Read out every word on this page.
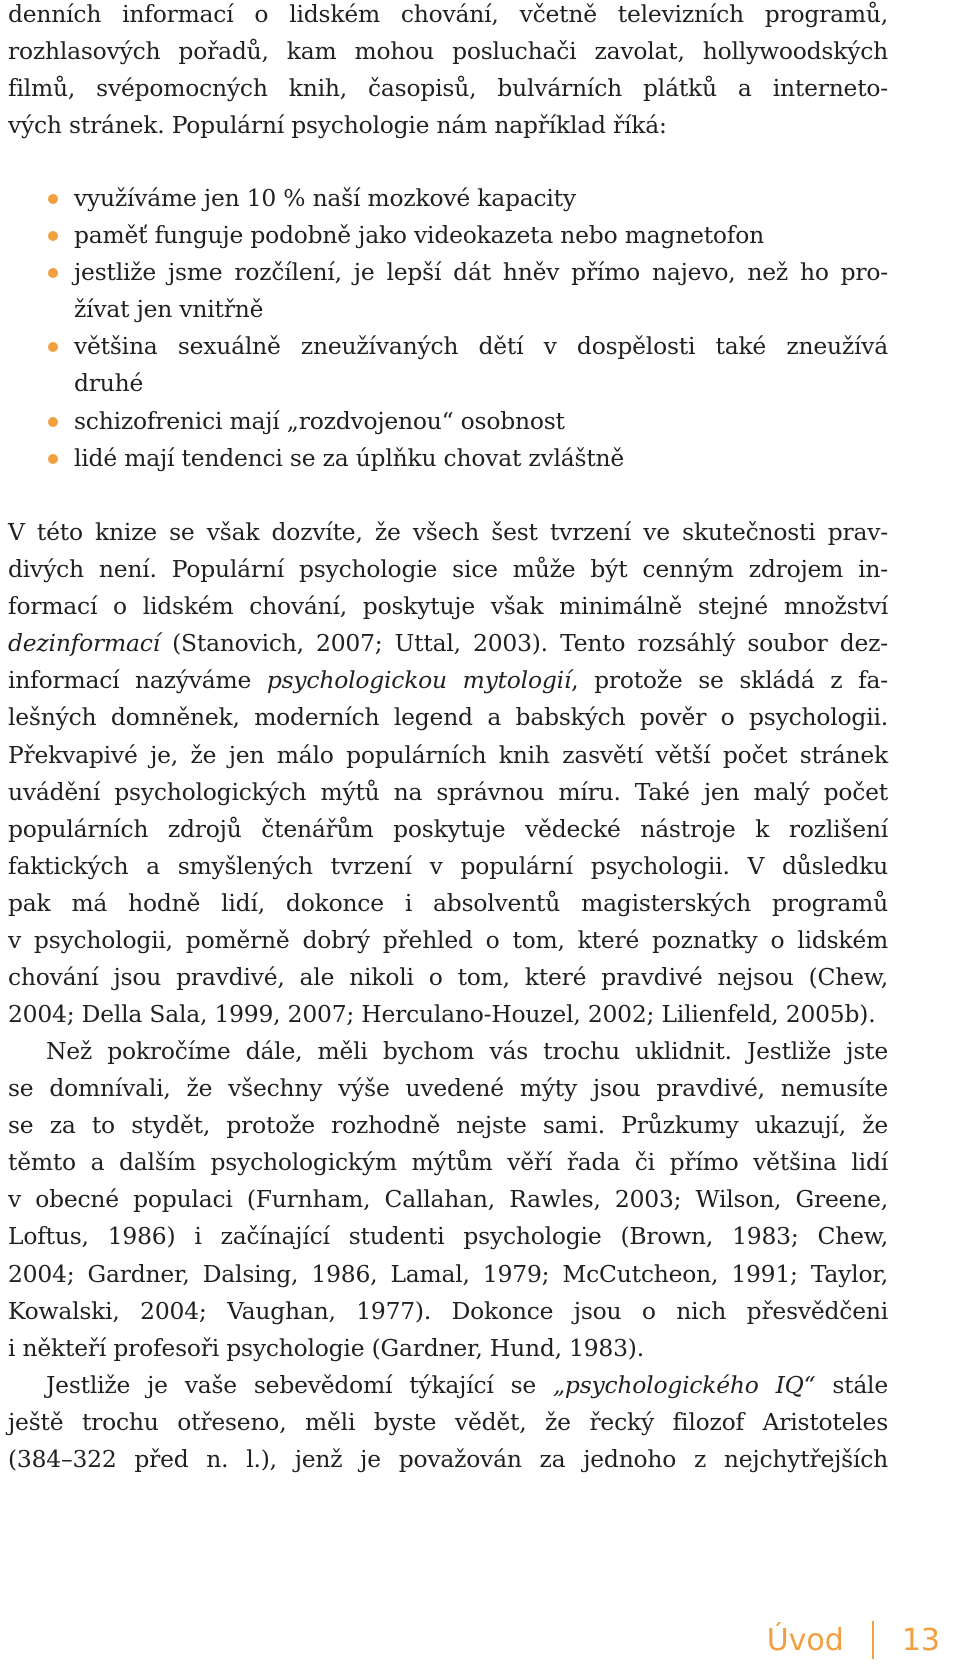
denních informací o lidském chování, včetně televizních programů,
rozhlasových pořadů, kam mohou posluchači zavolat, hollywoodských
filmů, svépomocných knih, časopisů, bulvárních plátků a interneto-
vých stránek. Populární psychologie nám například říká:
využíváme jen 10 % naší mozkové kapacity
paměť funguje podobně jako videokazeta nebo magnetofon
jestliže jsme rozčílení, je lepší dát hněv přímo najevo, než ho pro-
žívat jen vnitřně
většina sexuálně zneužívaných dětí v dospělosti také zneužívá
druhé
schizofrenici mají „rozdvojenou“ osobnost
lidé mají tendenci se za úplňku chovat zvláštně
V této knize se však dozvíte, že všech šest tvrzení ve skutečnosti prav-
divých není. Populární psychologie sice může být cenným zdrojem in-
formací o lidském chování, poskytuje však minimálně stejné množství
dezinformací (Stanovich, 2007; Uttal, 2003). Tento rozsáhlý soubor dez-
informací nazýváme psychologickou mytologií, protože se skládá z fa-
lešných domněnek, moderních legend a babských pověr o psychologii.
Překvapivé je, že jen málo populárních knih zasvětí větší počet stránek
uvádění psychologických mýtů na správnou míru. Také jen malý počet
populárních zdrojů čtenářům poskytuje vědecké nástroje k rozlišení
faktických a smyšlených tvrzení v populární psychologii. V důsledku
pak má hodně lidí, dokonce i absolventů magisterských programů
v psychologii, poměrně dobrý přehled o tom, které poznatky o lidském
chování jsou pravdivé, ale nikoli o tom, které pravdivé nejsou (Chew,
2004; Della Sala, 1999, 2007; Herculano-Houzel, 2002; Lilienfeld, 2005b).
Než pokročíme dále, měli bychom vás trochu uklidnit. Jestliže jste
se domnívali, že všechny výše uvedené mýty jsou pravdivé, nemusíte
se za to stydět, protože rozhodně nejste sami. Průzkumy ukazují, že
těmto a dalším psychologickým mýtům věří řada či přímo většina lidí
v obecné populaci (Furnham, Callahan, Rawles, 2003; Wilson, Greene,
Loftus, 1986) i začínající studenti psychologie (Brown, 1983; Chew,
2004; Gardner, Dalsing, 1986, Lamal, 1979; McCutcheon, 1991; Taylor,
Kowalski, 2004; Vaughan, 1977). Dokonce jsou o nich přesvědčeni
i někteří profesoři psychologie (Gardner, Hund, 1983).
Jestliže je vaše sebevědomí týkající se „psychologického IQ“ stále
ještě trochu otřeseno, měli byste vědět, že řecký filozof Aristoteles
(384–322 před n. l.), jenž je považován za jednoho z nejchytřejších
Úvod 13
